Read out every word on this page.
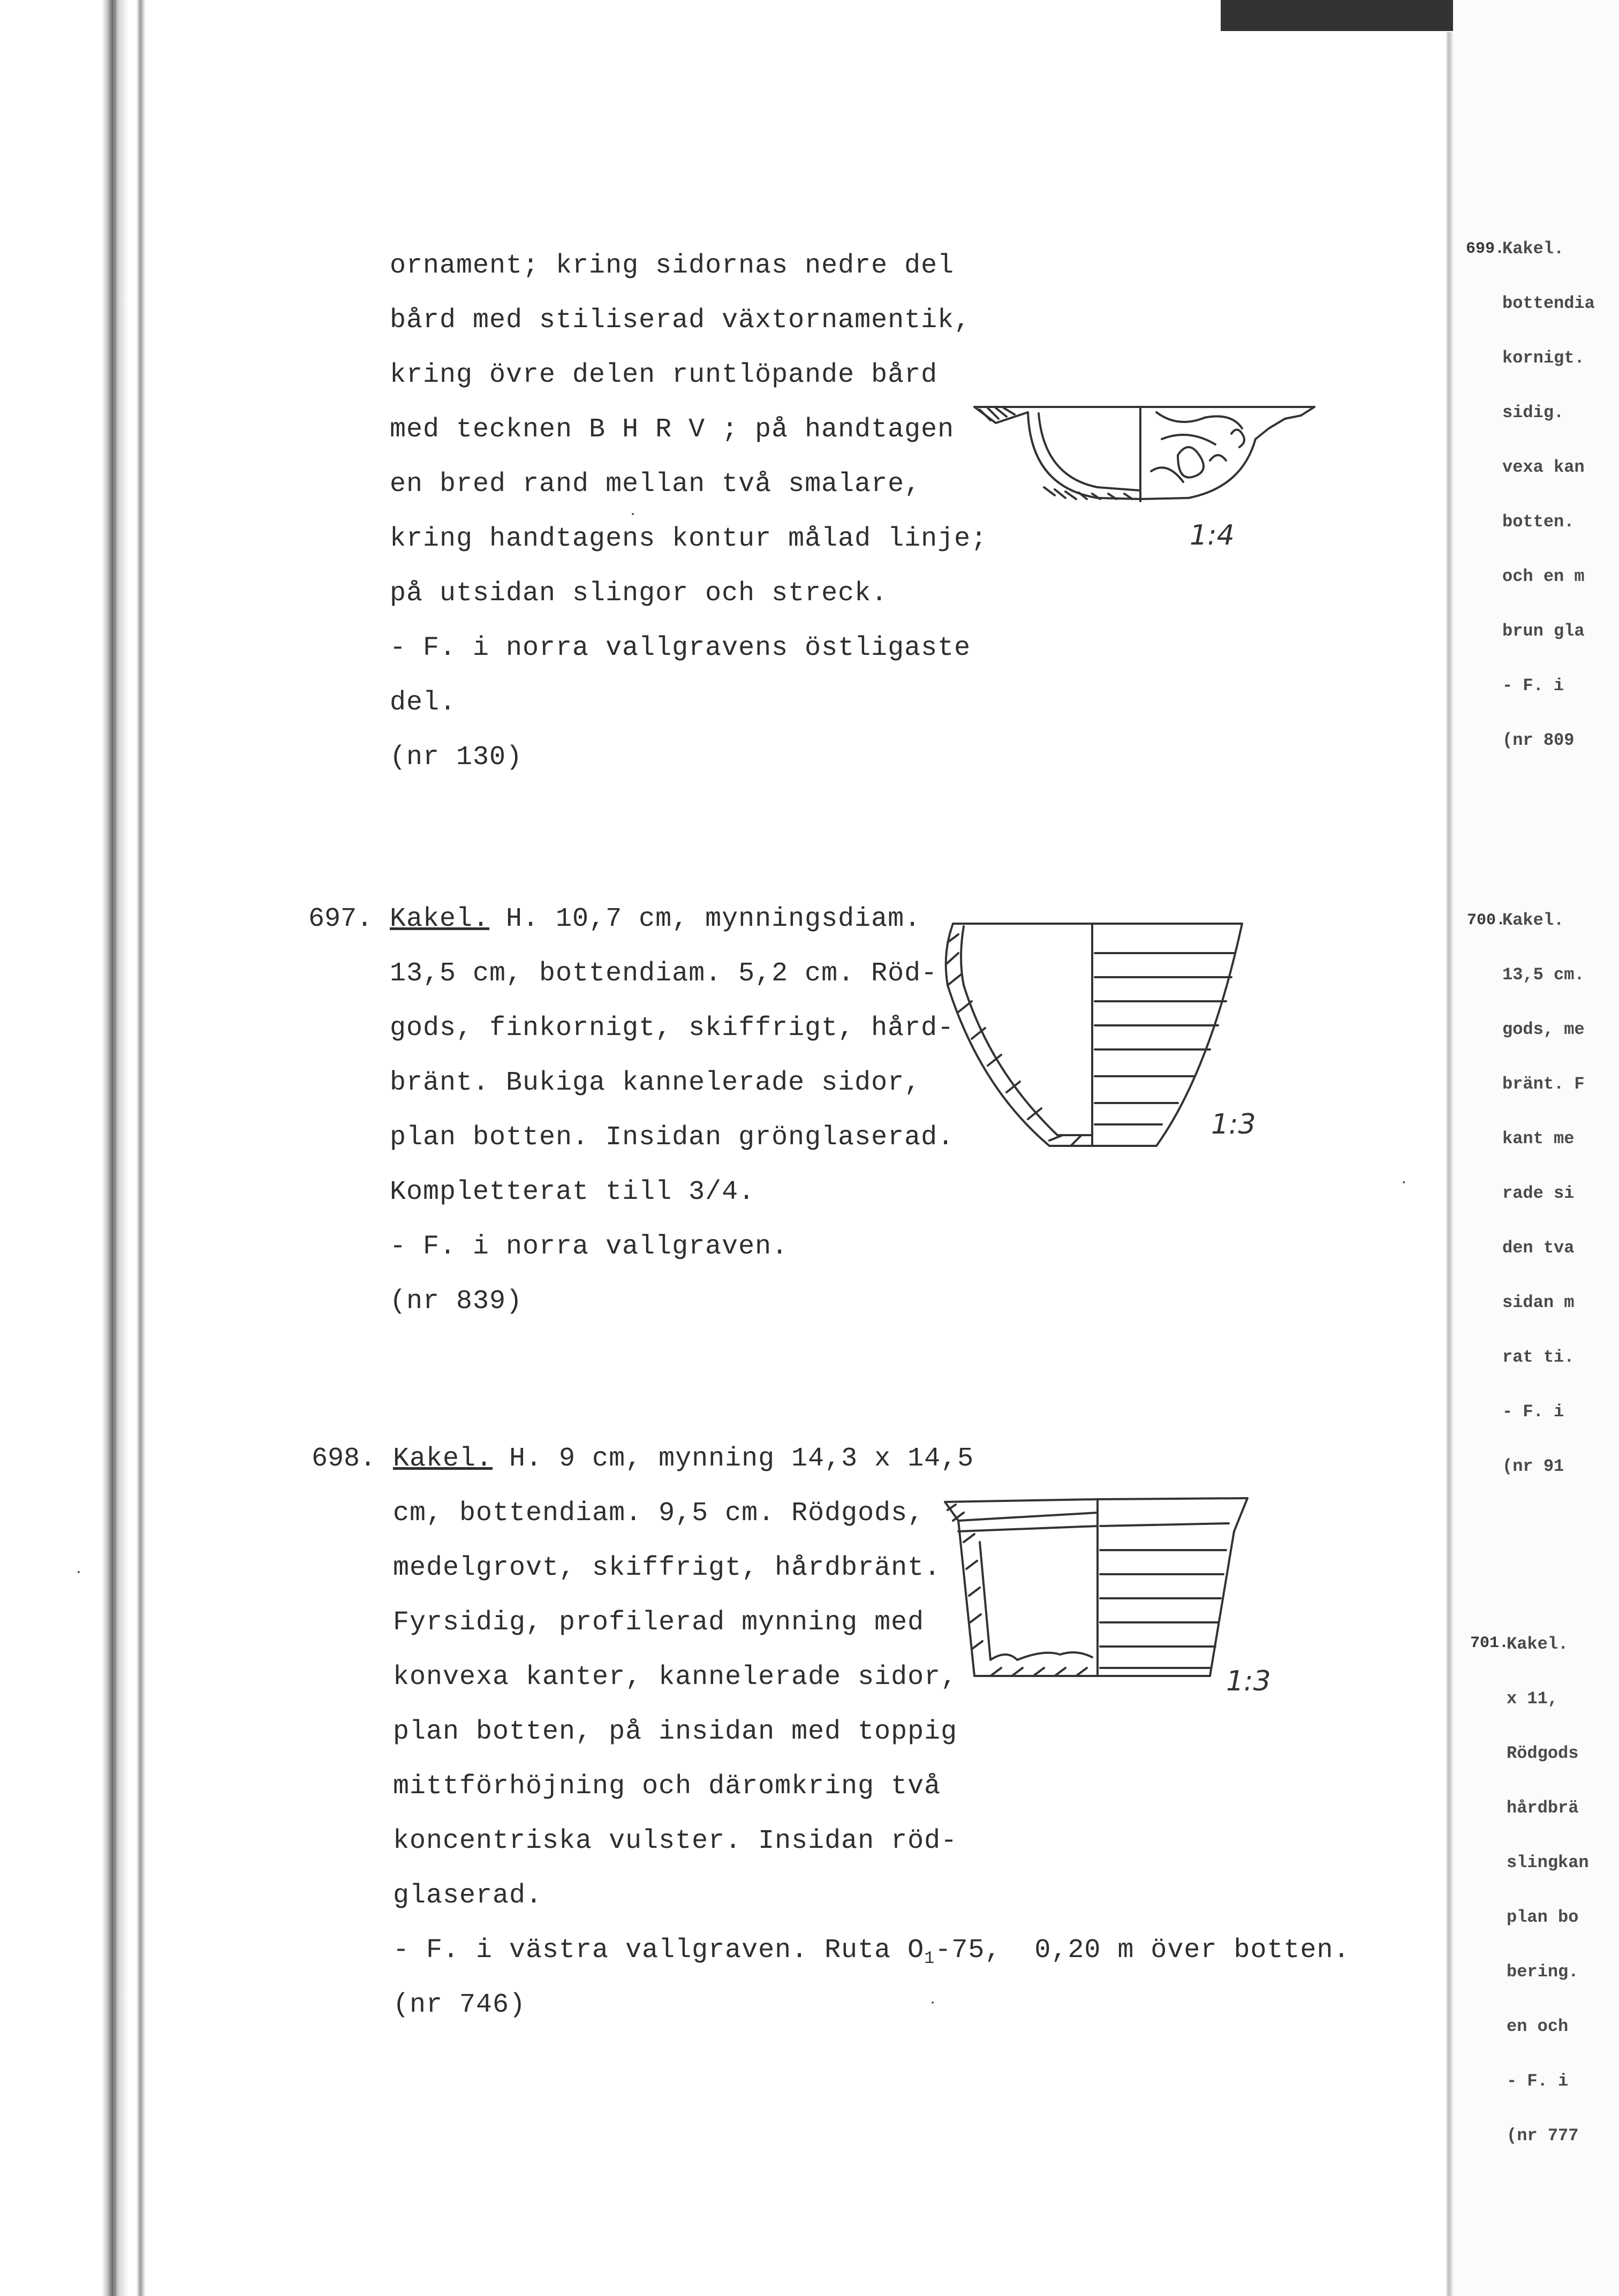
699.
700.
701.
Kakel.
bottendia
kornigt.
sidig.
vexa kan
botten.
och en m
brun gla
- F. i
(nr 809
Kakel.
13,5 cm.
gods, me
bränt. F
kant me
rade si
den tva
sidan m
rat ti.
- F. i
(nr 91
Kakel.
x 11,
Rödgods
hårdbrä
slingkan
plan bo
bering.
en och
- F. i
(nr 777
ornament; kring sidornas nedre del
bård med stiliserad växtornamentik,
kring övre delen runtlöpande bård
med tecknen B H R V ; på handtagen
en bred rand mellan två smalare,
kring handtagens kontur målad linje;
på utsidan slingor och streck.
- F. i norra vallgravens östligaste
del.
(nr 130)
1:4
697. Kakel. H. 10,7 cm, mynningsdiam.
13,5 cm, bottendiam. 5,2 cm. Röd-
gods, finkornigt, skiffrigt, hård-
bränt. Bukiga kannelerade sidor,
plan botten. Insidan grönglaserad.
Kompletterat till 3/4.
- F. i norra vallgraven.
(nr 839)
1:3
698. Kakel. H. 9 cm, mynning 14,3 x 14,5
cm, bottendiam. 9,5 cm. Rödgods,
medelgrovt, skiffrigt, hårdbränt.
Fyrsidig, profilerad mynning med
konvexa kanter, kannelerade sidor,
plan botten, på insidan med toppig
mittförhöjning och däromkring två
koncentriska vulster. Insidan röd-
glaserad.
- F. i västra vallgraven. Ruta $O_1-75$,  0,20 m över botten.
(nr 746)
1:3
